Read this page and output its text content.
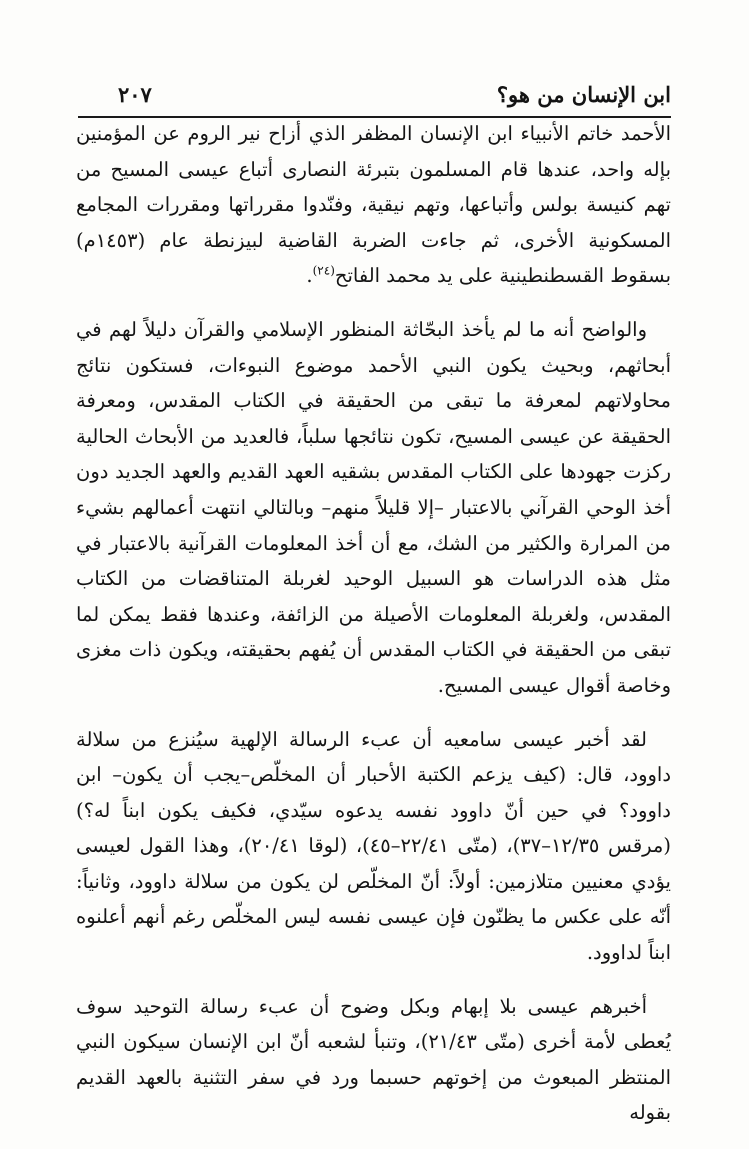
ابن الإنسان من هو؟
٢٠٧

الأحمد خاتم الأنبياء ابن الإنسان المظفر الذي أزاح نير الروم عن المؤمنين بإله واحد، عندها قام المسلمون بتبرئة النصارى أتباع عيسى المسيح من تهم كنيسة بولس وأتباعها، وتهم نيقية، وفنّدوا مقرراتها ومقررات المجامع المسكونية الأخرى، ثم جاءت الضربة القاضية لبيزنطة عام (١٤٥٣م) بسقوط القسطنطينية على يد محمد الفاتح$^{(٢٤)}$.

والواضح أنه ما لم يأخذ البحّاثة المنظور الإسلامي والقرآن دليلاً لهم في أبحاثهم، وبحيث يكون النبي الأحمد موضوع النبوءات، فستكون نتائج محاولاتهم لمعرفة ما تبقى من الحقيقة في الكتاب المقدس، ومعرفة الحقيقة عن عيسى المسيح، تكون نتائجها سلباً، فالعديد من الأبحاث الحالية ركزت جهودها على الكتاب المقدس بشقيه العهد القديم والعهد الجديد دون أخذ الوحي القرآني بالاعتبار –إلا قليلاً منهم– وبالتالي انتهت أعمالهم بشيء من المرارة والكثير من الشك، مع أن أخذ المعلومات القرآنية بالاعتبار في مثل هذه الدراسات هو السبيل الوحيد لغربلة المتناقضات من الكتاب المقدس، ولغربلة المعلومات الأصيلة من الزائفة، وعندها فقط يمكن لما تبقى من الحقيقة في الكتاب المقدس أن يُفهم بحقيقته، ويكون ذات مغزى وخاصة أقوال عيسى المسيح.

لقد أخبر عيسى سامعيه أن عبء الرسالة الإلهية سيُنزع من سلالة داوود، قال: (كيف يزعم الكتبة الأحبار أن المخلّص–يجب أن يكون– ابن داوود؟ في حين أنّ داوود نفسه يدعوه سيّدي، فكيف يكون ابناً له؟) (مرقس ١٢/٣٥–٣٧)، (متّى ٢٢/٤١–٤٥)، (لوقا ٢٠/٤١)، وهذا القول لعيسى يؤدي معنيين متلازمين: أولاً: أنّ المخلّص لن يكون من سلالة داوود، وثانياً: أنّه على عكس ما يظنّون فإن عيسى نفسه ليس المخلّص رغم أنهم أعلنوه ابناً لداوود.

أخبرهم عيسى بلا إبهام وبكل وضوح أن عبء رسالة التوحيد سوف يُعطى لأمة أخرى (متّى ٢١/٤٣)، وتنبأ لشعبه أنّ ابن الإنسان سيكون النبي المنتظر المبعوث من إخوتهم حسبما ورد في سفر التثنية بالعهد القديم بقوله
